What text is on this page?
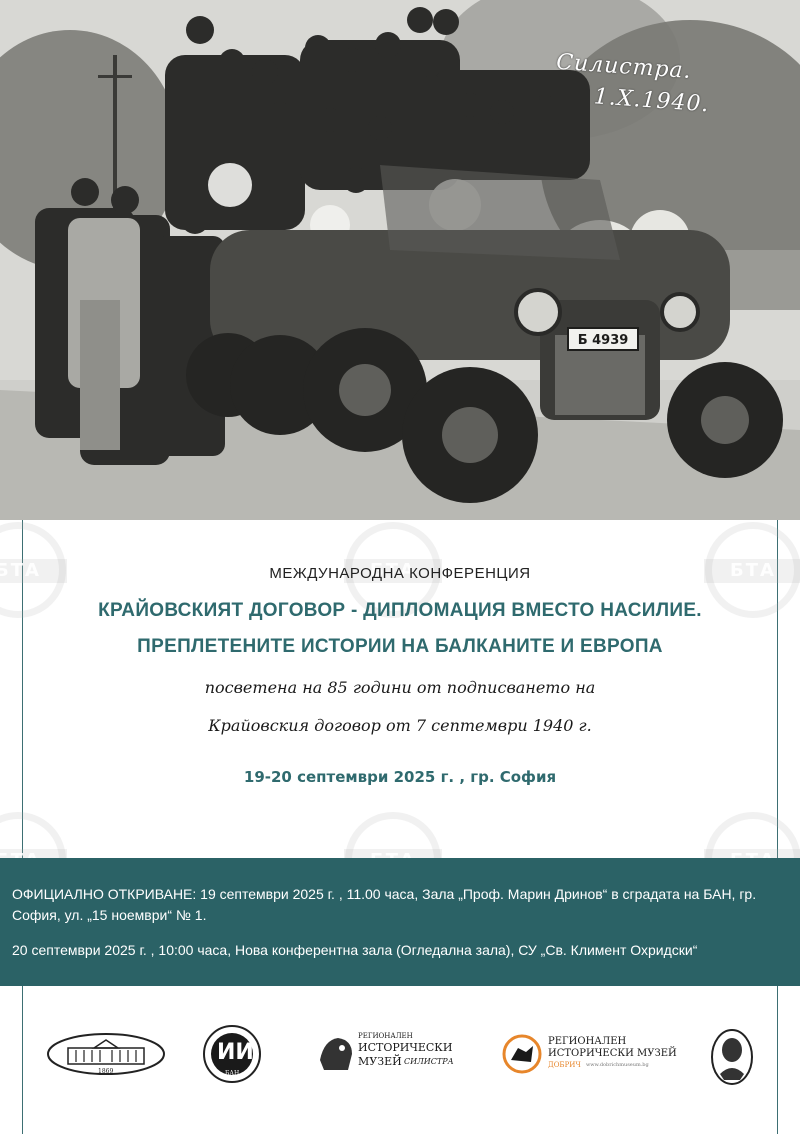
Б 4939
Силистра.
1.X.1940.
БТА
БТА
БТА
БТА
БТА
БТА
МЕЖДУНАРОДНА КОНФЕРЕНЦИЯ
КРАЙОВСКИЯТ ДОГОВОР - ДИПЛОМАЦИЯ ВМЕСТО НАСИЛИЕ.
ПРЕПЛЕТЕНИТЕ ИСТОРИИ НА БАЛКАНИТЕ И ЕВРОПА
посветена на 85 години от подписването на
Крайовския договор от 7 септември 1940 г.
19-20 септември 2025 г. , гр. София

ОФИЦИАЛНО ОТКРИВАНЕ: 19 септември 2025 г. , 11.00 часа, Зала „Проф. Марин Дринов“ в сградата на БАН, гр. София, ул. „15 ноември“ № 1.

20 септември 2025 г. , 10:00 часа, Нова конферентна зала (Огледална зала), СУ „Св. Климент Охридски“

1869
ИИ
БАН
РЕГИОНАЛЕН
ИСТОРИЧЕСКИ
МУЗЕЙ СИЛИСТРА
РЕГИОНАЛЕН
ИСТОРИЧЕСКИ МУЗЕЙ
ДОБРИЧ www.dobrichmuseum.bg
